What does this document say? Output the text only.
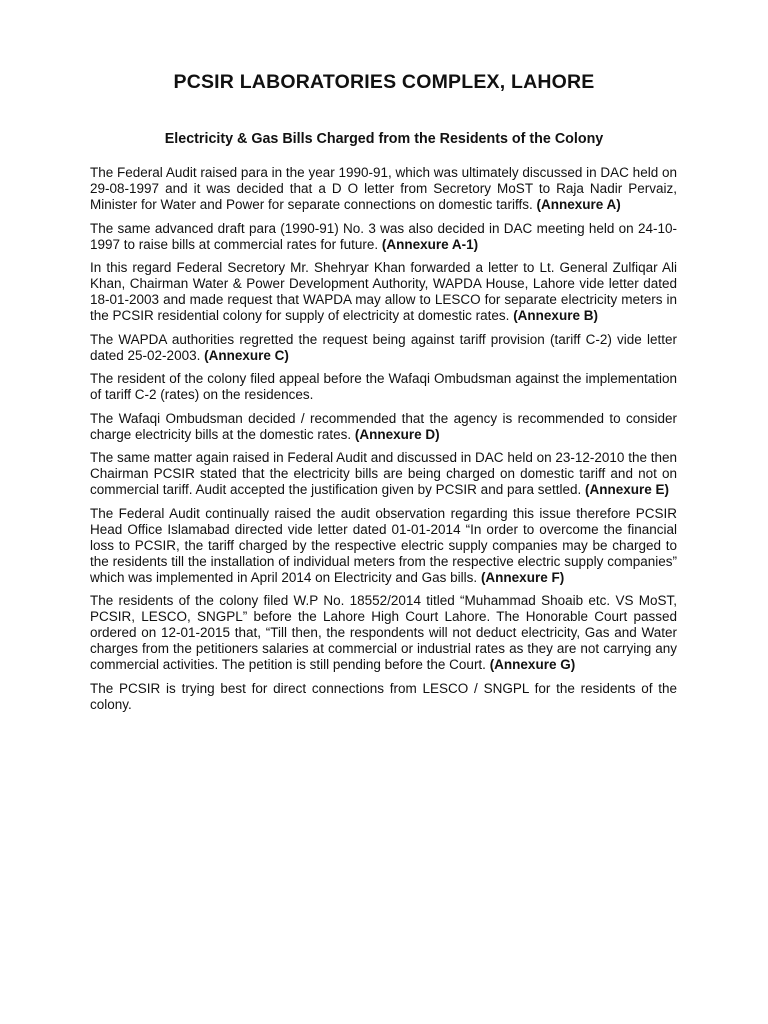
PCSIR LABORATORIES COMPLEX, LAHORE
Electricity & Gas Bills Charged from the Residents of the Colony

The Federal Audit raised para in the year 1990-91, which was ultimately discussed in DAC held on 29-08-1997 and it was decided that a D O letter from Secretory MoST to Raja Nadir Pervaiz, Minister for Water and Power for separate connections on domestic tariffs. (Annexure A)

The same advanced draft para (1990-91) No. 3 was also decided in DAC meeting held on 24-10-1997 to raise bills at commercial rates for future. (Annexure A-1)

In this regard Federal Secretory Mr. Shehryar Khan forwarded a letter to Lt. General Zulfiqar Ali Khan, Chairman Water & Power Development Authority, WAPDA House, Lahore vide letter dated 18-01-2003 and made request that WAPDA may allow to LESCO for separate electricity meters in the PCSIR residential colony for supply of electricity at domestic rates. (Annexure B)

The WAPDA authorities regretted the request being against tariff provision (tariff C-2) vide letter dated 25-02-2003. (Annexure C)

The resident of the colony filed appeal before the Wafaqi Ombudsman against the implementation of tariff C-2 (rates) on the residences.

The Wafaqi Ombudsman decided / recommended that the agency is recommended to consider charge electricity bills at the domestic rates. (Annexure D)

The same matter again raised in Federal Audit and discussed in DAC held on 23-12-2010 the then Chairman PCSIR stated that the electricity bills are being charged on domestic tariff and not on commercial tariff. Audit accepted the justification given by PCSIR and para settled. (Annexure E)

The Federal Audit continually raised the audit observation regarding this issue therefore PCSIR Head Office Islamabad directed vide letter dated 01-01-2014 “In order to overcome the financial loss to PCSIR, the tariff charged by the respective electric supply companies may be charged to the residents till the installation of individual meters from the respective electric supply companies” which was implemented in April 2014 on Electricity and Gas bills. (Annexure F)

The residents of the colony filed W.P No. 18552/2014 titled “Muhammad Shoaib etc. VS MoST, PCSIR, LESCO, SNGPL” before the Lahore High Court Lahore. The Honorable Court passed ordered on 12-01-2015 that, “Till then, the respondents will not deduct electricity, Gas and Water charges from the petitioners salaries at commercial or industrial rates as they are not carrying any commercial activities. The petition is still pending before the Court. (Annexure G)

The PCSIR is trying best for direct connections from LESCO / SNGPL for the residents of the colony.
